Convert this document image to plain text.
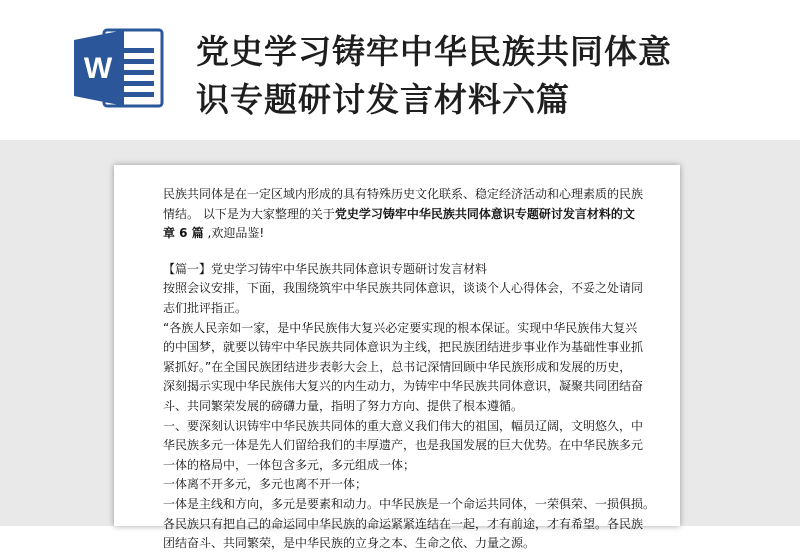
W	党史学习铸牢中华民族共同体意
识专题研讨发言材料六篇
民族共同体是在一定区域内形成的具有特殊历史文化联系、稳定经济活动和心理素质的民族
情结。 以下是为大家整理的关于党史学习铸牢中华民族共同体意识专题研讨发言材料的文
章 6 篇 ,欢迎品鉴!
【篇一】党史学习铸牢中华民族共同体意识专题研讨发言材料
按照会议安排，下面，我围绕筑牢中华民族共同体意识，谈谈个人心得体会，不妥之处请同
志们批评指正。
“各族人民亲如一家，是中华民族伟大复兴必定要实现的根本保证。实现中华民族伟大复兴
的中国梦，就要以铸牢中华民族共同体意识为主线，把民族团结进步事业作为基础性事业抓
紧抓好。”在全国民族团结进步表彰大会上，总书记深情回顾中华民族形成和发展的历史，
深刻揭示实现中华民族伟大复兴的内生动力，为铸牢中华民族共同体意识，凝聚共同团结奋
斗、共同繁荣发展的磅礴力量，指明了努力方向、提供了根本遵循。
一、要深刻认识铸牢中华民族共同体的重大意义我们伟大的祖国，幅员辽阔，文明悠久，中
华民族多元一体是先人们留给我们的丰厚遗产，也是我国发展的巨大优势。在中华民族多元
一体的格局中，一体包含多元，多元组成一体；
一体离不开多元，多元也离不开一体；
一体是主线和方向，多元是要素和动力。中华民族是一个命运共同体，一荣俱荣、一损俱损。
各民族只有把自己的命运同中华民族的命运紧紧连结在一起，才有前途，才有希望。各民族
团结奋斗、共同繁荣，是中华民族的立身之本、生命之依、力量之源。
